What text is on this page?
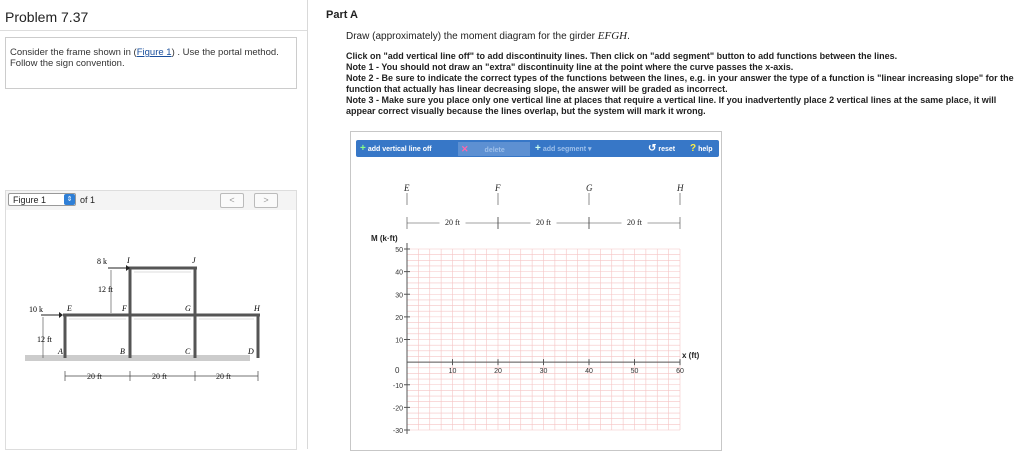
Problem 7.37
Consider the frame shown in (Figure 1) . Use the portal method. Follow the sign convention.
Figure 1	⇕ of 1	<	>
8 k
10 k
12 ft
12 ft
E	F	G	H
I	J
A	B	C	D
20 ft	20 ft	20 ft
Part A
Draw (approximately) the moment diagram for the girder EFGH.
Click on "add vertical line off" to add discontinuity lines. Then click on "add segment" button to add functions between the lines.
Note 1 - You should not draw an "extra" discontinuity line at the point where the curve passes the x-axis.
Note 2 - Be sure to indicate the correct types of the functions between the lines, e.g. in your answer the type of a function is "linear increasing slope" for the function that actually has linear decreasing slope, the answer will be graded as incorrect.
Note 3 - Make sure you place only one vertical line at places that require a vertical line. If you inadvertently place 2 vertical lines at the same place, it will appear correct visually because the lines overlap, but the system will mark it wrong.
+ add vertical line off	✕ delete	+ add segment ▾	↺ reset ? help
50
40
30
20
10
-10
-20
-30
10	20	30	40	50	60
0
M (k·ft)
x (ft)
E	F	G	H
20 ft	20 ft	20 ft
